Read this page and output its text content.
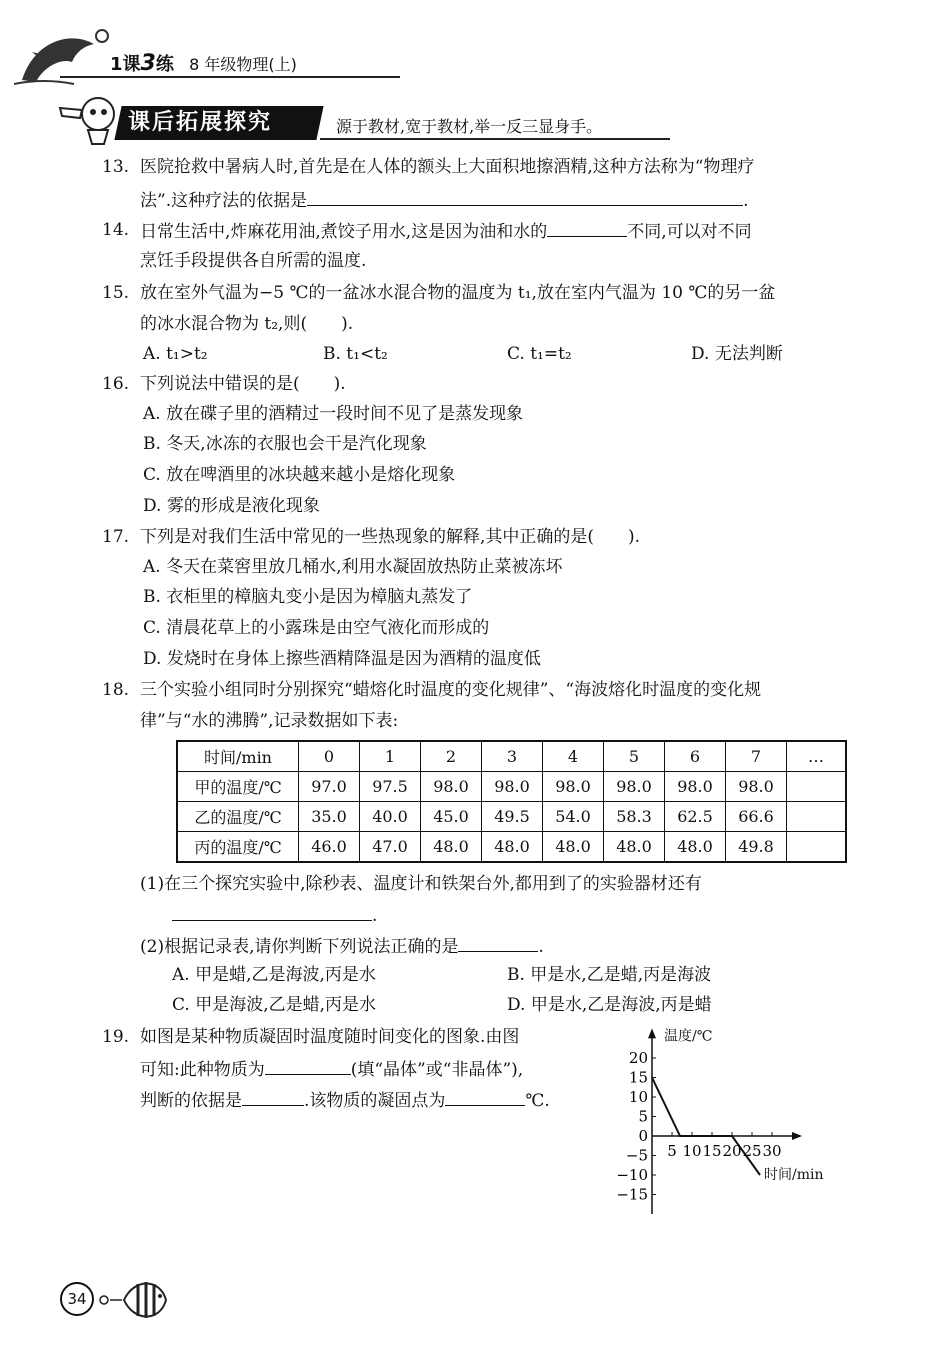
1课3练 8 年级物理(上)
课后拓展探究	源于教材,宽于教材,举一反三显身手。
13. 医院抢救中暑病人时,首先是在人体的额头上大面积地擦酒精,这种方法称为“物理疗
法”.这种疗法的依据是	.
14. 日常生活中,炸麻花用油,煮饺子用水,这是因为油和水的	不同,可以对不同
烹饪手段提供各自所需的温度.
15. 放在室外气温为−5 ℃的一盆冰水混合物的温度为 t₁,放在室内气温为 10 ℃的另一盆
的冰水混合物为 t₂,则(　　).
A. t₁>t₂	B. t₁<t₂	C. t₁=t₂	D. 无法判断
16. 下列说法中错误的是(　　).
A. 放在碟子里的酒精过一段时间不见了是蒸发现象
B. 冬天,冰冻的衣服也会干是汽化现象
C. 放在啤酒里的冰块越来越小是熔化现象
D. 雾的形成是液化现象
17. 下列是对我们生活中常见的一些热现象的解释,其中正确的是(　　).
A. 冬天在菜窖里放几桶水,利用水凝固放热防止菜被冻坏
B. 衣柜里的樟脑丸变小是因为樟脑丸蒸发了
C. 清晨花草上的小露珠是由空气液化而形成的
D. 发烧时在身体上擦些酒精降温是因为酒精的温度低
18. 三个实验小组同时分别探究“蜡熔化时温度的变化规律”、“海波熔化时温度的变化规
律”与“水的沸腾”,记录数据如下表:
时间/min	0	1	2	3	4	5	6	7	…
甲的温度/℃	97.0	97.5	98.0	98.0	98.0	98.0	98.0	98.0	
乙的温度/℃	35.0	40.0	45.0	49.5	54.0	58.3	62.5	66.6	
丙的温度/℃	46.0	47.0	48.0	48.0	48.0	48.0	48.0	49.8	
(1)在三个探究实验中,除秒表、温度计和铁架台外,都用到了的实验器材还有
.
(2)根据记录表,请你判断下列说法正确的是	.
A. 甲是蜡,乙是海波,丙是水	B. 甲是水,乙是蜡,丙是海波
C. 甲是海波,乙是蜡,丙是水	D. 甲是水,乙是海波,丙是蜡
19. 如图是某种物质凝固时温度随时间变化的图象.由图
可知:此种物质为	(填“晶体”或“非晶体”),
判断的依据是	.该物质的凝固点为	℃.
5 10 15 20 25 30
20
15
10
5
0
−5
−10
−15
温度/℃
时间/min
34
